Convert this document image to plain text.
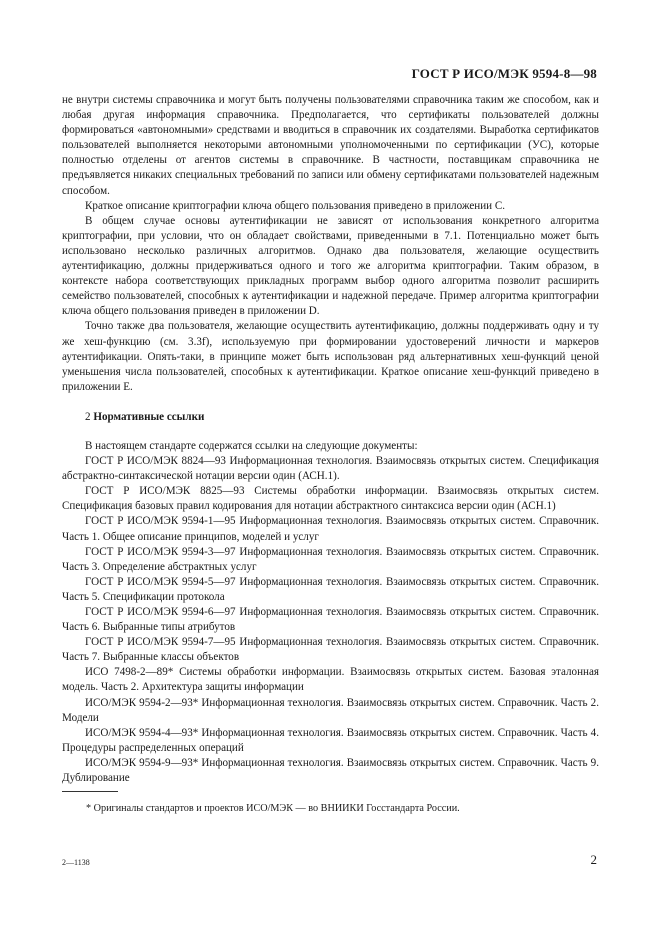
ГОСТ Р ИСО/МЭК 9594-8—98

не внутри системы справочника и могут быть получены пользователями справочника таким же способом, как и любая другая информация справочника. Предполагается, что сертификаты пользователей должны формироваться «автономными» средствами и вводиться в справочник их создателями. Выработка сертификатов пользователей выполняется некоторыми автономными уполномоченными по сертификации (УС), которые полностью отделены от агентов системы в справочнике. В частности, поставщикам справочника не предъявляется никаких специальных требований по записи или обмену сертификатами пользователей надежным способом.

Краткое описание криптографии ключа общего пользования приведено в приложении С.

В общем случае основы аутентификации не зависят от использования конкретного алгоритма криптографии, при условии, что он обладает свойствами, приведенными в 7.1. Потенциально может быть использовано несколько различных алгоритмов. Однако два пользователя, желающие осуществить аутентификацию, должны придерживаться одного и того же алгоритма криптографии. Таким образом, в контексте набора соответствующих прикладных программ выбор одного алгоритма позволит расширить семейство пользователей, способных к аутентификации и надежной передаче. Пример алгоритма криптографии ключа общего пользования приведен в приложении D.

Точно также два пользователя, желающие осуществить аутентификацию, должны поддерживать одну и ту же хеш-функцию (см. 3.3f), используемую при формировании удостоверений личности и маркеров аутентификации. Опять-таки, в принципе может быть использован ряд альтернативных хеш-функций ценой уменьшения числа пользователей, способных к аутентификации. Краткое описание хеш-функций приведено в приложении Е.

2 Нормативные ссылки

В настоящем стандарте содержатся ссылки на следующие документы:

ГОСТ Р ИСО/МЭК 8824—93 Информационная технология. Взаимосвязь открытых систем. Спецификация абстрактно-синтаксической нотации версии один (АСН.1).

ГОСТ Р ИСО/МЭК 8825—93 Системы обработки информации. Взаимосвязь открытых систем. Спецификация базовых правил кодирования для нотации абстрактного синтаксиса версии один (АСН.1)

ГОСТ Р ИСО/МЭК 9594-1—95 Информационная технология. Взаимосвязь открытых систем. Справочник. Часть 1. Общее описание принципов, моделей и услуг

ГОСТ Р ИСО/МЭК 9594-3—97 Информационная технология. Взаимосвязь открытых систем. Справочник. Часть 3. Определение абстрактных услуг

ГОСТ Р ИСО/МЭК 9594-5—97 Информационная технология. Взаимосвязь открытых систем. Справочник. Часть 5. Спецификации протокола

ГОСТ Р ИСО/МЭК 9594-6—97 Информационная технология. Взаимосвязь открытых систем. Справочник. Часть 6. Выбранные типы атрибутов

ГОСТ Р ИСО/МЭК 9594-7—95 Информационная технология. Взаимосвязь открытых систем. Справочник. Часть 7. Выбранные классы объектов

ИСО 7498-2—89* Системы обработки информации. Взаимосвязь открытых систем. Базовая эталонная модель. Часть 2. Архитектура защиты информации

ИСО/МЭК 9594-2—93* Информационная технология. Взаимосвязь открытых систем. Справочник. Часть 2. Модели

ИСО/МЭК 9594-4—93* Информационная технология. Взаимосвязь открытых систем. Справочник. Часть 4. Процедуры распределенных операций

ИСО/МЭК 9594-9—93* Информационная технология. Взаимосвязь открытых систем. Справочник. Часть 9. Дублирование

* Оригиналы стандартов и проектов ИСО/МЭК — во ВНИИКИ Госстандарта России.
2—1138	2
